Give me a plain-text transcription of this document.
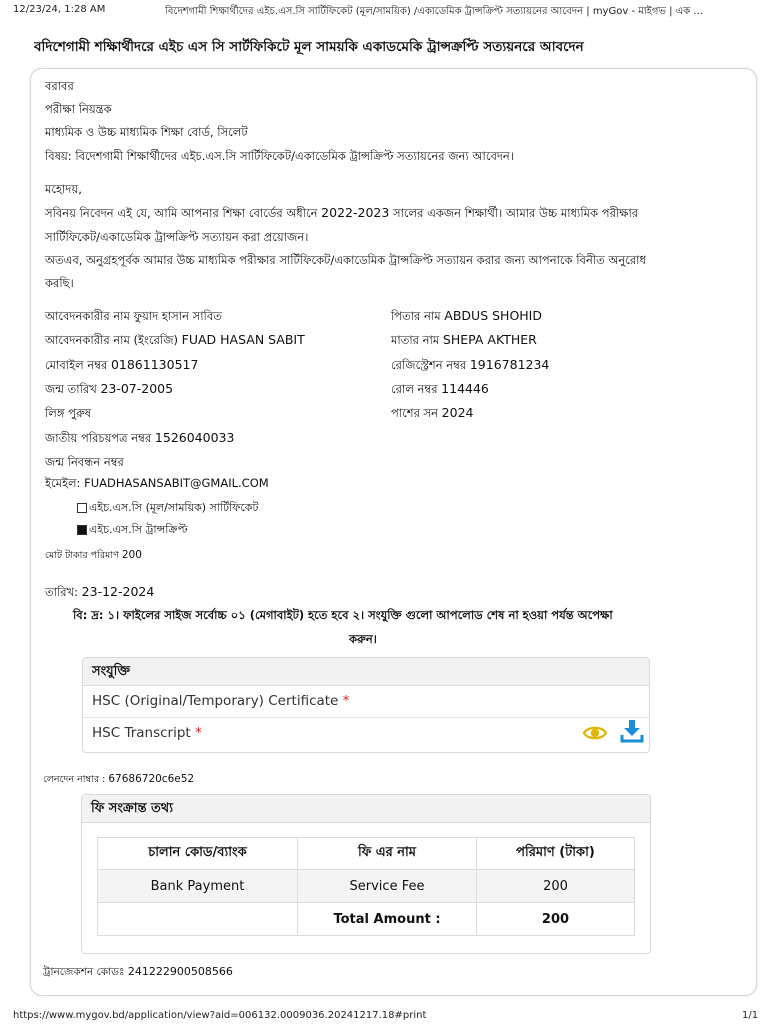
12/23/24, 1:28 AM	বিদেশগামী শিক্ষার্থীদের এইচ.এস.সি সার্টিফিকেট (মূল/সাময়িক) /একাডেমিক ট্রান্সক্রিপ্ট সত্যায়নের আবেদন | myGov - মাইগভ | এক ...
বদিশেগামী শক্ষিার্থীদরে এইচ এস সি সার্টফিকিটে মূল সাময়কি একাডমেকি ট্রান্সক্রপ্টি সত্যয়নরে আবদেন
বরাবর
পরীক্ষা নিয়ন্ত্রক
মাধ্যমিক ও উচ্চ মাধ্যমিক শিক্ষা বোর্ড, সিলেট
বিষয়: বিদেশগামী শিক্ষার্থীদের এইচ.এস.সি সার্টিফিকেট/একাডেমিক ট্রান্সক্রিপ্ট সত্যায়নের জন্য আবেদন।
মহোদয়,
সবিনয় নিবেদন এই যে, আমি আপনার শিক্ষা বোর্ডের অধীনে 2022-2023 সালের একজন শিক্ষার্থী। আমার উচ্চ মাধ্যমিক পরীক্ষার
সার্টিফিকেট/একাডেমিক ট্রান্সক্রিপ্ট সত্যায়ন করা প্রয়োজন।
অতএব, অনুগ্রহপূর্বক আমার উচ্চ মাধ্যমিক পরীক্ষার সার্টিফিকেট/একাডেমিক ট্রান্সক্রিপ্ট সত্যায়ন করার জন্য আপনাকে বিনীত অনুরোধ
করছি।
আবেদনকারীর নাম ফুয়াদ হাসান সাবিত
আবেদনকারীর নাম (ইংরেজি) FUAD HASAN SABIT
মোবাইল নম্বর 01861130517
জন্ম তারিখ 23-07-2005
লিঙ্গ পুরুষ
জাতীয় পরিচয়পত্র নম্বর 1526040033
জন্ম নিবন্ধন নম্বর
ইমেইল: FUADHASANSABIT@GMAIL.COM
পিতার নাম ABDUS SHOHID
মাতার নাম SHEPA AKTHER
রেজিস্ট্রেশন নম্বর 1916781234
রোল নম্বর 114446
পাশের সন 2024
এইচ.এস.সি (মূল/সাময়িক) সার্টিফিকেট
এইচ.এস.সি ট্রান্সক্রিপ্ট
মোট টাকার পরিমাণ 200
তারিখ: 23-12-2024
বি: দ্র: ১। ফাইলের সাইজ সর্বোচ্চ ০১ (মেগাবাইট) হতে হবে ২। সংযুক্তি গুলো আপলোড শেষ না হওয়া পর্যন্ত অপেক্ষা
করুন।
সংযুক্তি
HSC (Original/Temporary) Certificate *
HSC Transcript *
লেনদেন নাম্বার : 67686720c6e52
ফি সংক্রান্ত তথ্য
চালান কোড/ব্যাংক	ফি এর নাম	পরিমাণ (টাকা)
Bank Payment	Service Fee	200
	Total Amount :	200
ট্রানজেকশন কোডঃ 241222900508566
https://www.mygov.bd/application/view?aid=006132.0009036.20241217.18#print	1/1
